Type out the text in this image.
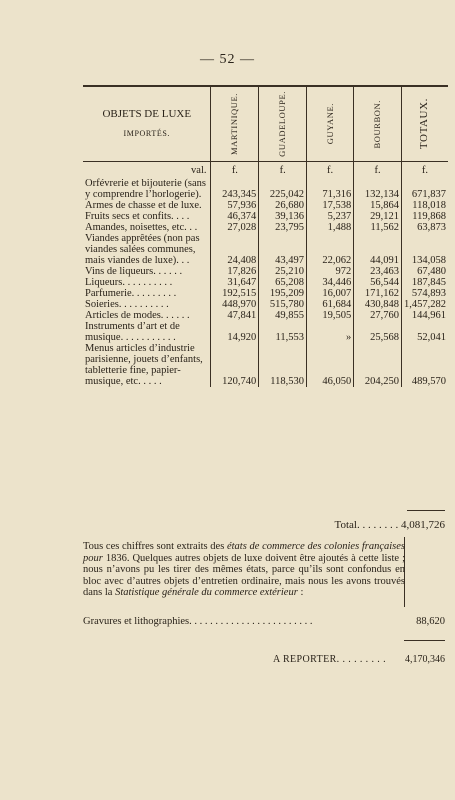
— 52 —
OBJETS DE LUXE
IMPORTÉS.	MARTINIQUE.	GUADELOUPE.	GUYANE.	BOURBON.	TOTAUX.

val.	f.	f.	f.	f.	f.
Orfévrerie et bijouterie (sans y comprendre l’horlogerie).	243,345	225,042	71,316	132,134	671,837
Armes de chasse et de luxe.	57,936	26,680	17,538	15,864	118,018
Fruits secs et confits. . . .	46,374	39,136	5,237	29,121	119,868
Amandes, noisettes, etc. . .	27,028	23,795	1,488	11,562	63,873
Viandes apprêtées (non pas viandes salées communes, mais viandes de luxe). . .	24,408	43,497	22,062	44,091	134,058
Vins de liqueurs. . . . . .	17,826	25,210	972	23,463	67,480
Liqueurs. . . . . . . . . .	31,647	65,208	34,446	56,544	187,845
Parfumerie. . . . . . . . .	192,515	195,209	16,007	171,162	574,893
Soieries. . . . . . . . . .	448,970	515,780	61,684	430,848	1,457,282
Articles de modes. . . . . .	47,841	49,855	19,505	27,760	144,961
Instruments d’art et de musique. . . . . . . . . . .	14,920	11,553	»	25,568	52,041
Menus articles d’industrie parisienne, jouets d’enfants, tabletterie fine, papier-musique, etc. . . . .	120,740	118,530	46,050	204,250	489,570
Total. . . . . . . . 4,081,726
Tous ces chiffres sont extraits des états de commerce des colonies françaises pour 1836. Quelques autres objets de luxe doivent être ajoutés à cette liste ; nous n’avons pu les tirer des mêmes états, parce qu’ils sont confondus en bloc avec d’autres objets d’entretien ordinaire, mais nous les avons trouvés dans la Statistique générale du commerce extérieur :
Gravures et lithographies. . . . . . . . . . . . . . . . . . . . . . . .	88,620
A REPORTER. . . . . . . . . 4,170,346
